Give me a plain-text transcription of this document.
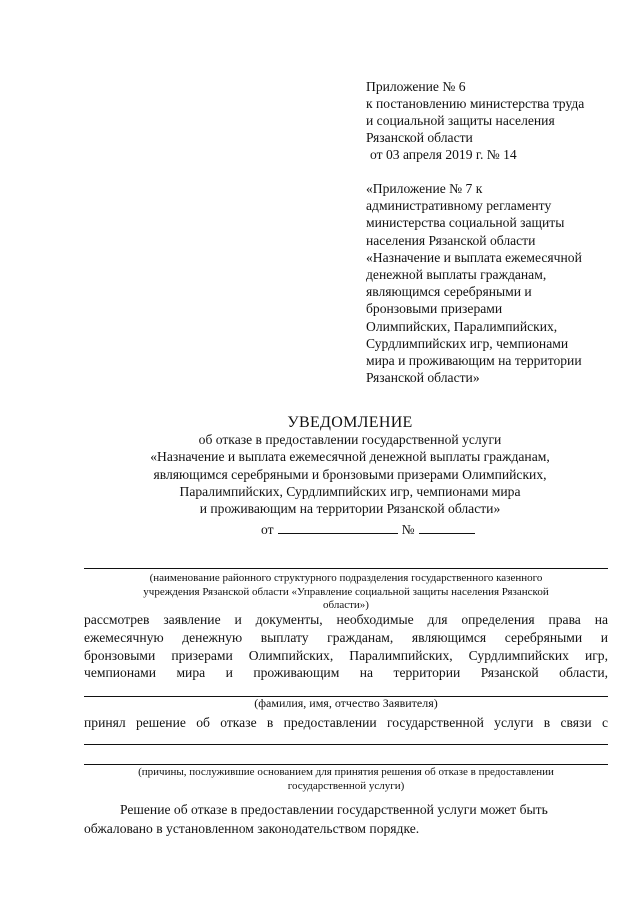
Приложение № 6
к постановлению министерства труда
и социальной защиты населения
Рязанской области
от 03 апреля 2019 г. № 14
«Приложение № 7 к
административному регламенту
министерства социальной защиты
населения Рязанской области
«Назначение и выплата ежемесячной
денежной выплаты гражданам,
являющимся серебряными и
бронзовыми призерами
Олимпийских, Паралимпийских,
Сурдлимпийских игр, чемпионами
мира и проживающим на территории
Рязанской области»
УВЕДОМЛЕНИЕ
об отказе в предоставлении государственной услуги
«Назначение и выплата ежемесячной денежной выплаты гражданам,
являющимся серебряными и бронзовыми призерами Олимпийских,
Паралимпийских, Сурдлимпийских игр, чемпионами мира
и проживающим на территории Рязанской области»
от	№
(наименование районного структурного подразделения государственного казенного
учреждения Рязанской области «Управление социальной защиты населения Рязанской
области»)
рассмотрев заявление и документы, необходимые для определения права на
ежемесячную денежную выплату гражданам, являющимся серебряными и
бронзовыми призерами Олимпийских, Паралимпийских, Сурдлимпийских игр,
чемпионами мира и проживающим на территории Рязанской области,
(фамилия, имя, отчество Заявителя)
принял решение об отказе в предоставлении государственной услуги в связи с
(причины, послужившие основанием для принятия решения об отказе в предоставлении
государственной услуги)
Решение об отказе в предоставлении государственной услуги может быть
обжаловано в установленном законодательством порядке.
